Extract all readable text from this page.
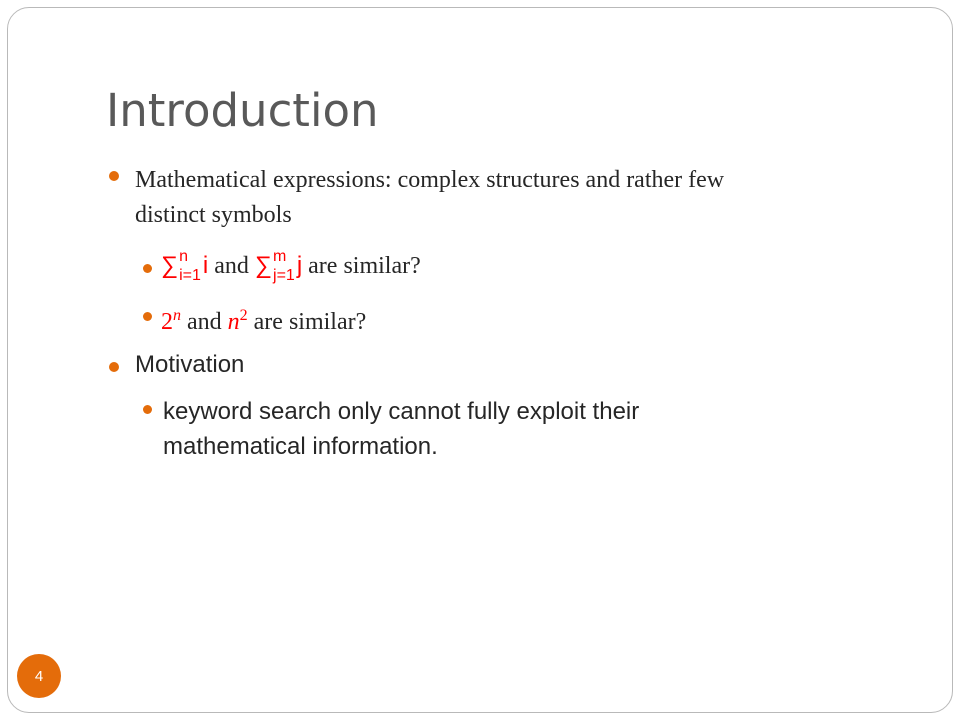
Introduction
Mathematical expressions: complex structures and rather few
distinct symbols
∑ n
i=1 i and ∑ m
j=1 j are similar?
2$^n$ and $n^2$ are similar?
Motivation
keyword search only cannot fully exploit their
mathematical information.
4
